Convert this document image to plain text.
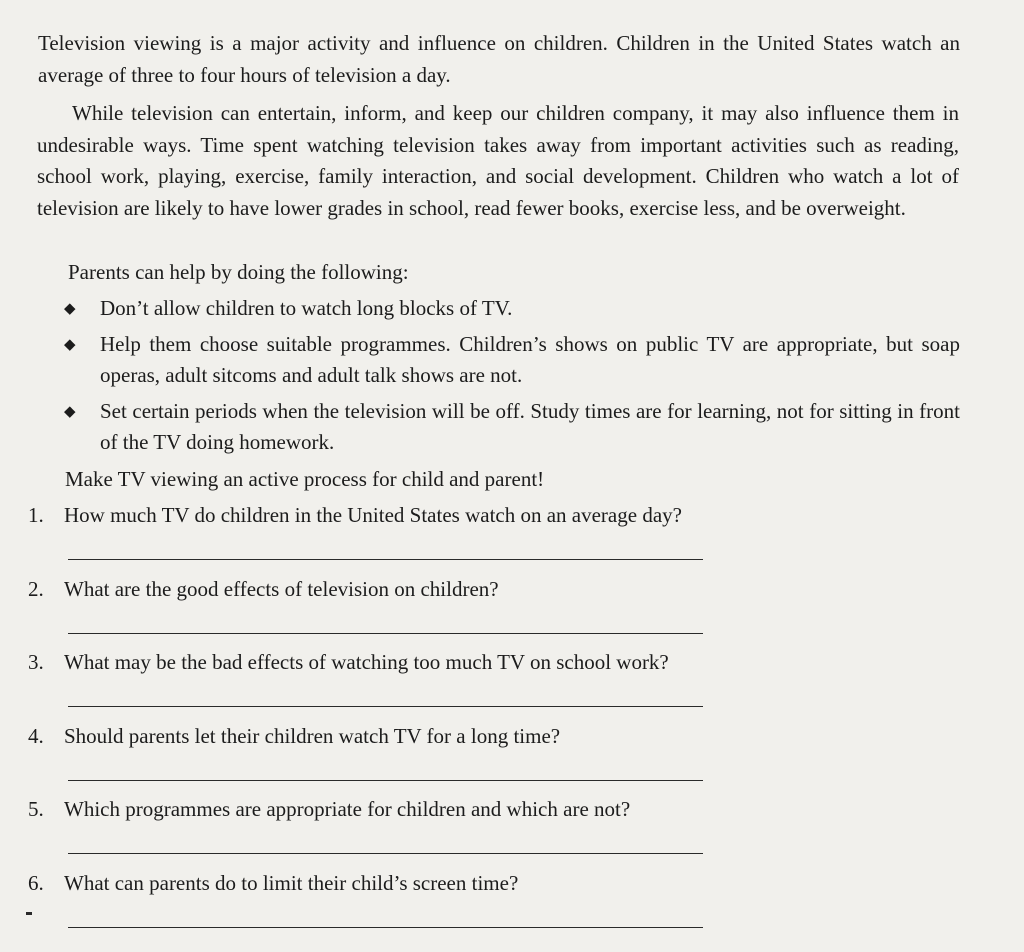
Television viewing is a major activity and influence on children. Children in the United States watch an average of three to four hours of television a day.

While television can entertain, inform, and keep our children company, it may also influence them in undesirable ways. Time spent watching television takes away from important activities such as reading, school work, playing, exercise, family interaction, and social development. Children who watch a lot of television are likely to have lower grades in school, read fewer books, exercise less, and be overweight.

Parents can help by doing the following:
◆ Don’t allow children to watch long blocks of TV.
◆ Help them choose suitable programmes. Children’s shows on public TV are appropriate, but soap operas, adult sitcoms and adult talk shows are not.
◆ Set certain periods when the television will be off. Study times are for learning, not for sitting in front of the TV doing homework.
Make TV viewing an active process for child and parent!
1. How much TV do children in the United States watch on an average day?
2. What are the good effects of television on children?
3. What may be the bad effects of watching too much TV on school work?
4. Should parents let their children watch TV for a long time?
5. Which programmes are appropriate for children and which are not?
6. What can parents do to limit their child’s screen time?
